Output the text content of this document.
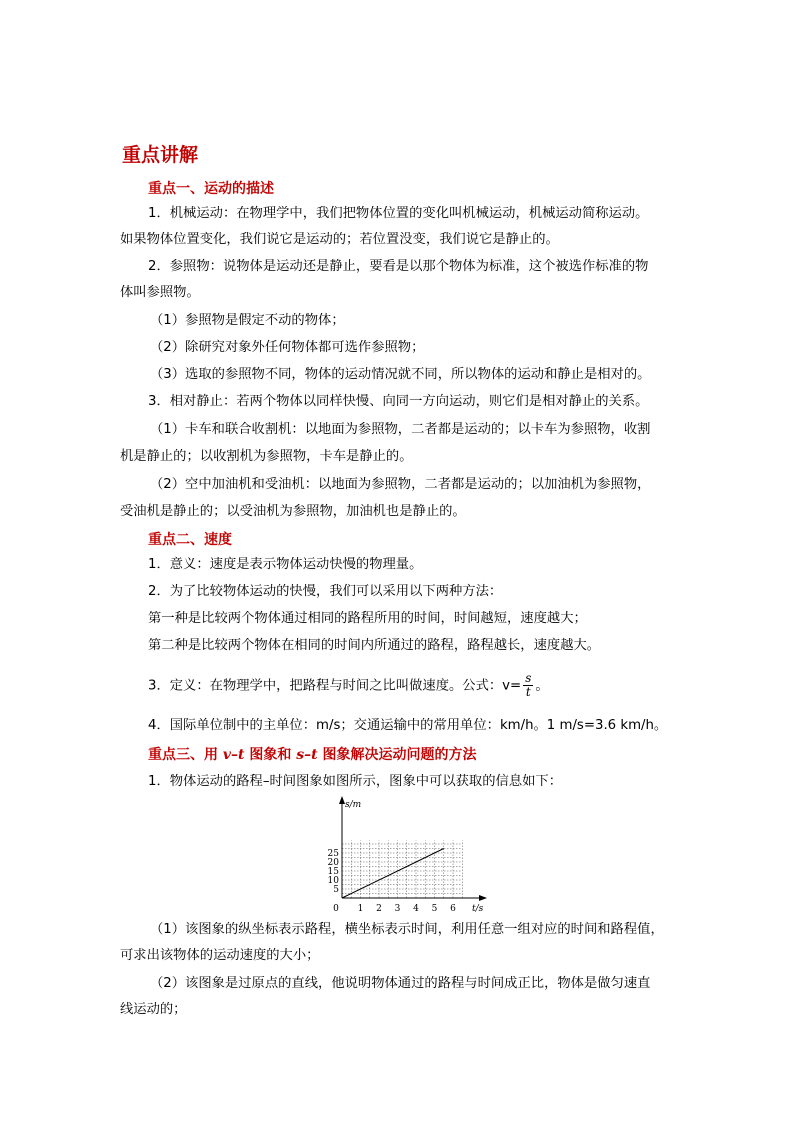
重点讲解
重点一、运动的描述
1．机械运动：在物理学中，我们把物体位置的变化叫机械运动，机械运动简称运动。
如果物体位置变化，我们说它是运动的；若位置没变，我们说它是静止的。
2．参照物：说物体是运动还是静止，要看是以那个物体为标准，这个被选作标准的物
体叫参照物。
（1）参照物是假定不动的物体；
（2）除研究对象外任何物体都可选作参照物；
（3）选取的参照物不同，物体的运动情况就不同，所以物体的运动和静止是相对的。
3．相对静止：若两个物体以同样快慢、向同一方向运动，则它们是相对静止的关系。
（1）卡车和联合收割机：以地面为参照物，二者都是运动的；以卡车为参照物，收割
机是静止的；以收割机为参照物，卡车是静止的。
（2）空中加油机和受油机：以地面为参照物，二者都是运动的；以加油机为参照物，
受油机是静止的；以受油机为参照物，加油机也是静止的。
重点二、速度
1．意义：速度是表示物体运动快慢的物理量。
2．为了比较物体运动的快慢，我们可以采用以下两种方法：
第一种是比较两个物体通过相同的路程所用的时间，时间越短，速度越大；
第二种是比较两个物体在相同的时间内所通过的路程，路程越长，速度越大。
3．定义：在物理学中，把路程与时间之比叫做速度。公式：$v= \frac{s}{t}$ 。
4．国际单位制中的主单位：m/s；交通运输中的常用单位：km/h。1 m/s=3.6 km/h。
重点三、用 v–t 图象和 s–t 图象解决运动问题的方法
1．物体运动的路程–时间图象如图所示，图象中可以获取的信息如下：
s/m
t/s
0 1 2 3 4 5 6
5
10
15
20
25
（1）该图象的纵坐标表示路程，横坐标表示时间，利用任意一组对应的时间和路程值，
可求出该物体的运动速度的大小；
（2）该图象是过原点的直线，他说明物体通过的路程与时间成正比，物体是做匀速直
线运动的；
